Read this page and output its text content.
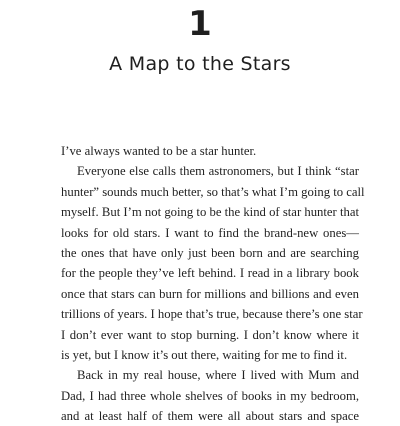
1
A Map to the Stars
I’ve always wanted to be a star hunter.
Everyone else calls them astronomers, but I think “star
hunter” sounds much better, so that’s what I’m going to call
myself. But I’m not going to be the kind of star hunter that
looks for old stars. I want to find the brand-new ones—
the ones that have only just been born and are searching
for the people they’ve left behind. I read in a library book
once that stars can burn for millions and billions and even
trillions of years. I hope that’s true, because there’s one star
I don’t ever want to stop burning. I don’t know where it
is yet, but I know it’s out there, waiting for me to find it.
Back in my real house, where I lived with Mum and
Dad, I had three whole shelves of books in my bedroom,
and at least half of them were all about stars and space
